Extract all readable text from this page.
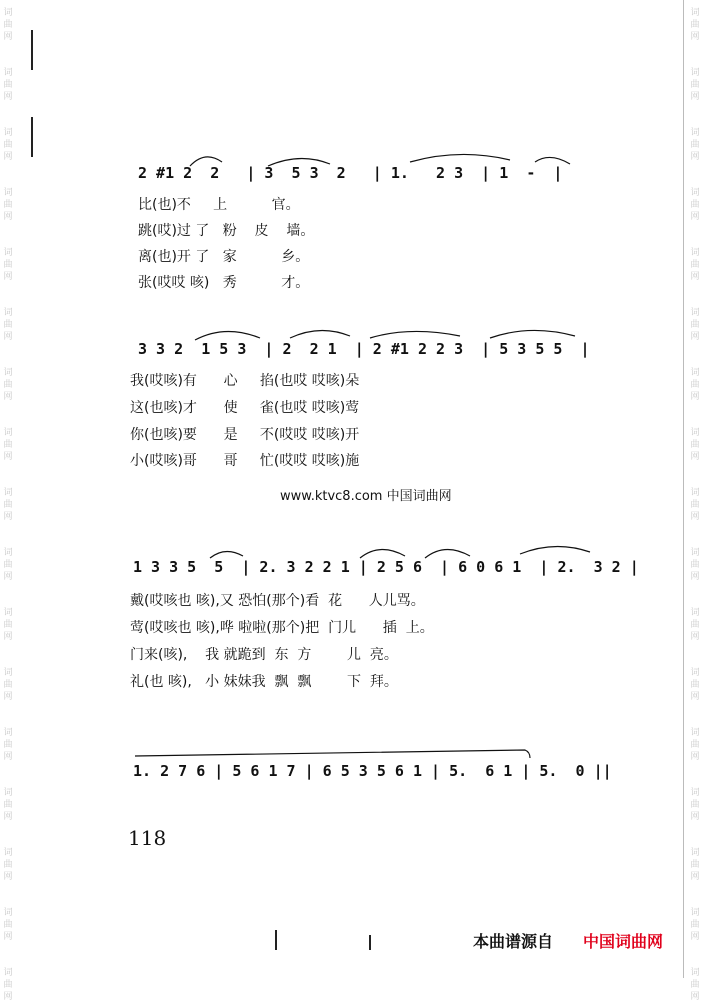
词
曲
网
词
曲
网
词
曲
网
词
曲
网
词
曲
网
词
曲
网
词
曲
网
词
曲
网
词
曲
网
词
曲
网
词
曲
网
词
曲
网
词
曲
网
词
曲
网
词
曲
网
词
曲
网
词
曲
网
词
曲
网
词
曲
网
词
曲
网
词
曲
网
词
曲
网
词
曲
网
词
曲
网
词
曲
网
词
曲
网
词
曲
网
词
曲
网
词
曲
网
词
曲
网
词
曲
网
词
曲
网
词
曲
网
词
曲
网
2 #1 2  2   | 3  5 3  2   | 1.   2 3  | 1  -  |
比(也)不     上          官。
跳(哎)过 了   粉    皮    墙。
离(也)开 了   家          乡。
张(哎哎 咳)   秀          才。
3 3 2  1 5 3  | 2  2 1  | 2 #1 2 2 3  | 5 3 5 5  |
我(哎咳)有      心     掐(也哎 哎咳)朵
这(也咳)才      使     雀(也哎 哎咳)莺
你(也咳)要      是     不(哎哎 哎咳)开
小(哎咳)哥      哥     忙(哎哎 哎咳)施
www.ktvc8.com 中国词曲网
1 3 3 5  5  | 2. 3 2 2 1 | 2 5 6  | 6 0 6 1  | 2.  3 2 |
戴(哎咳也 咳),又 恐怕(那个)看  花      人儿骂。
莺(哎咳也 咳),哗 啦啦(那个)把  门儿      插  上。
门来(咳),    我 就跪到  东  方        儿  亮。
礼(也 咳),   小 妹妹我  飘  飘        下  拜。
1. 2 7 6 | 5 6 1 7 | 6 5 3 5 6 1 | 5.  6 1 | 5.  0 ||
118
本曲谱源自 中国词曲网
